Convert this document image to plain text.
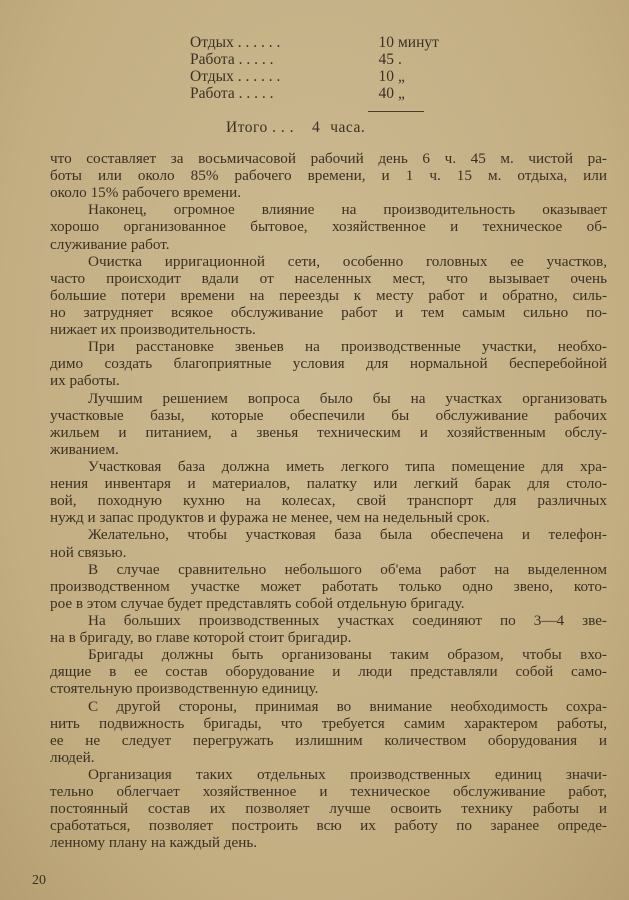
Отдых . . . . . .	10 минут
Работа . . . . .	45 .
Отдых . . . . . .	10 „
Работа . . . . .	40 „
Итого . . . 4 часа.
что составляет за восьмичасовой рабочий день 6 ч. 45 м. чистой ра-
боты или около 85% рабочего времени, и 1 ч. 15 м. отдыха, или
около 15% рабочего времени.
Наконец, огромное влияние на производительность оказывает
хорошо организованное бытовое, хозяйственное и техническое об-
служивание работ.
Очистка ирригационной сети, особенно головных ее участков,
часто происходит вдали от населенных мест, что вызывает очень
большие потери времени на переезды к месту работ и обратно, силь-
но затрудняет всякое обслуживание работ и тем самым сильно по-
нижает их производительность.
При расстановке звеньев на производственные участки, необхо-
димо создать благоприятные условия для нормальной бесперебойной
их работы.
Лучшим решением вопроса было бы на участках организовать
участковые базы, которые обеспечили бы обслуживание рабочих
жильем и питанием, а звенья техническим и хозяйственным обслу-
живанием.
Участковая база должна иметь легкого типа помещение для хра-
нения инвентаря и материалов, палатку или легкий барак для столо-
вой, походную кухню на колесах, свой транспорт для различных
нужд и запас продуктов и фуража не менее, чем на недельный срок.
Желательно, чтобы участковая база была обеспечена и телефон-
ной связью.
В случае сравнительно небольшого об'ема работ на выделенном
производственном участке может работать только одно звено, кото-
рое в этом случае будет представлять собой отдельную бригаду.
На больших производственных участках соединяют по 3—4 зве-
на в бригаду, во главе которой стоит бригадир.
Бригады должны быть организованы таким образом, чтобы вхо-
дящие в ее состав оборудование и люди представляли собой само-
стоятельную производственную единицу.
С другой стороны, принимая во внимание необходимость сохра-
нить подвижность бригады, что требуется самим характером работы,
ее не следует перегружать излишним количеством оборудования и
людей.
Организация таких отдельных производственных единиц значи-
тельно облегчает хозяйственное и техническое обслуживание работ,
постоянный состав их позволяет лучше освоить технику работы и
сработаться, позволяет построить всю их работу по заранее опреде-
ленному плану на каждый день.
20
